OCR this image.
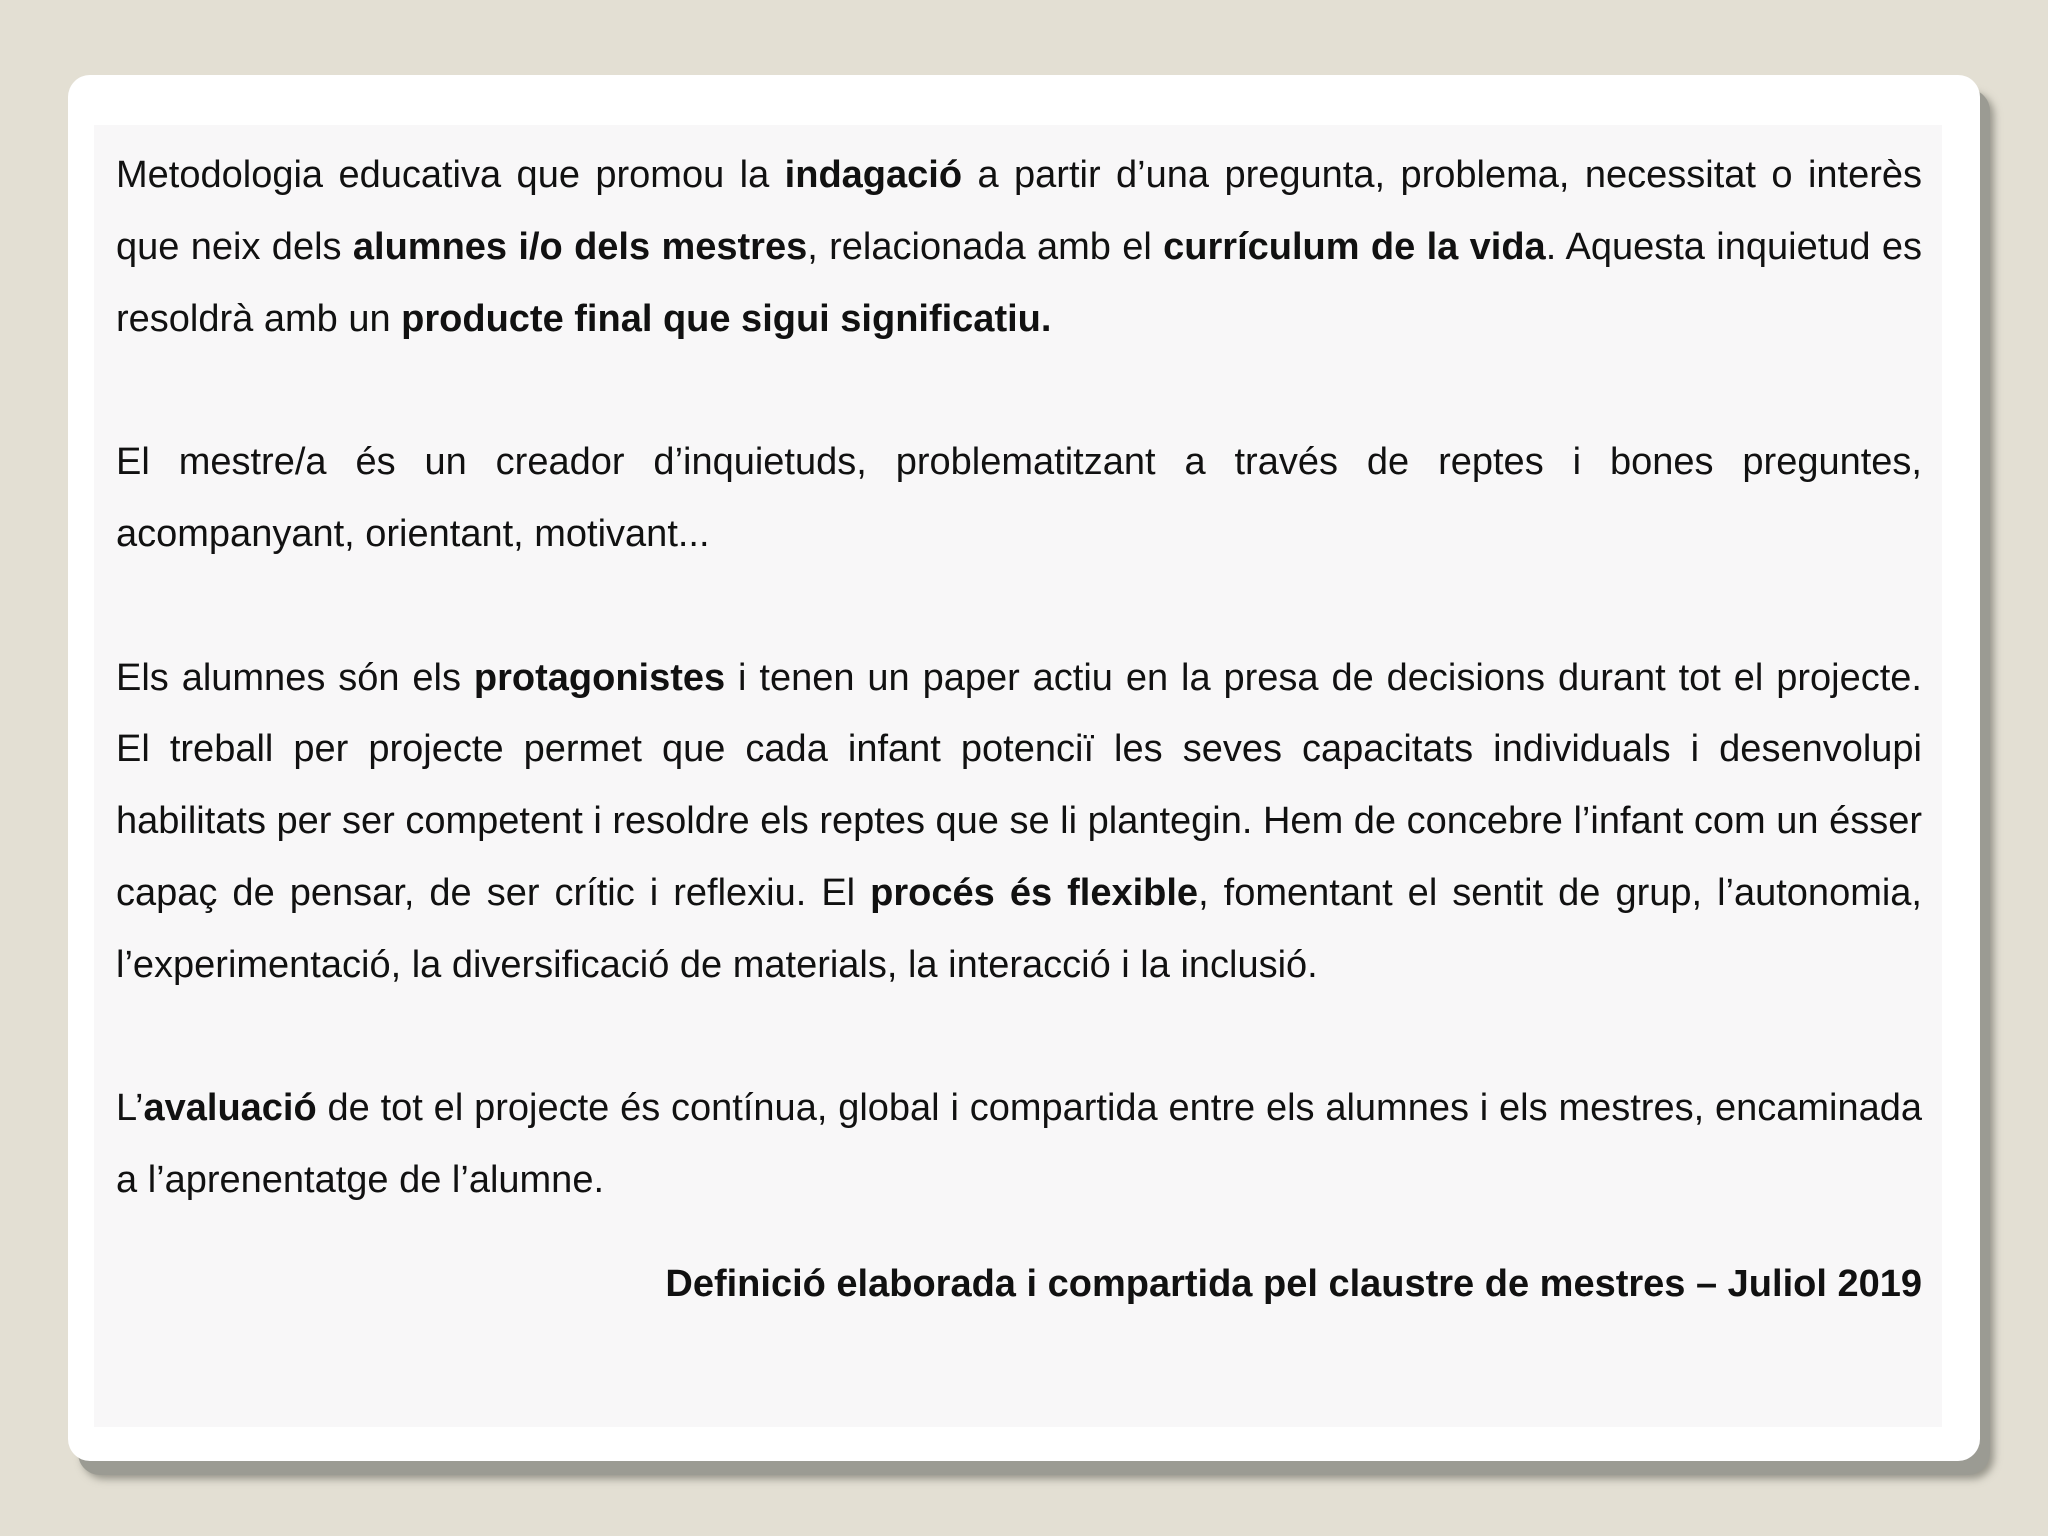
Metodologia educativa que promou la indagació a partir d’una pregunta, problema, necessitat o interès que neix dels alumnes i/o dels mestres, relacionada amb el currículum de la vida. Aquesta inquietud es resoldrà amb un producte final que sigui significatiu.

El mestre/a és un creador d’inquietuds, problematitzant a través de reptes i bones preguntes, acompanyant, orientant, motivant...

Els alumnes són els protagonistes i tenen un paper actiu en la presa de decisions durant tot el projecte. El treball per projecte permet que cada infant potenciï les seves capacitats individuals i desenvolupi habilitats per ser competent i resoldre els reptes que se li plantegin. Hem de concebre l’infant com un ésser capaç de pensar, de ser crític i reflexiu. El procés és flexible, fomentant el sentit de grup, l’autonomia, l’experimentació, la diversificació de materials, la interacció i la inclusió.

L’avaluació de tot el projecte és contínua, global i compartida entre els alumnes i els mestres, encaminada a l’aprenentatge de l’alumne.

Definició elaborada i compartida pel claustre de mestres – Juliol 2019
